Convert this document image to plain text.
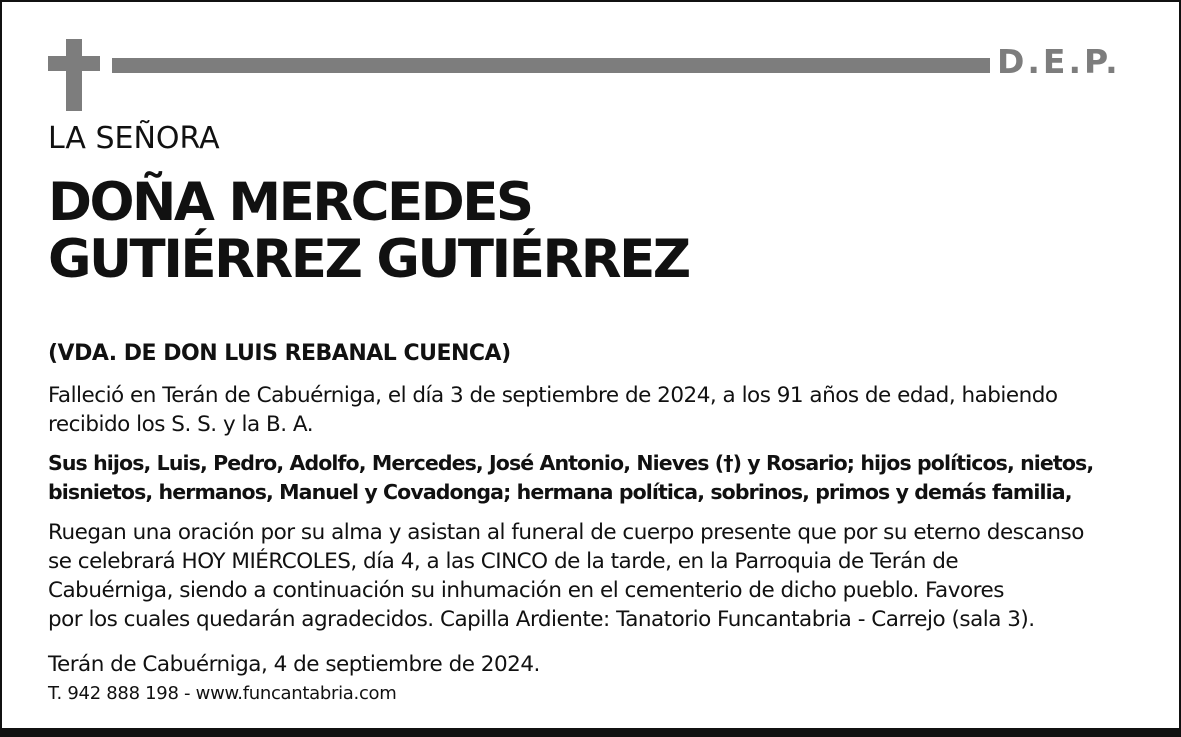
D.E.P.
LA SEÑORA
DOÑA MERCEDES
GUTIÉRREZ GUTIÉRREZ
(VDA. DE DON LUIS REBANAL CUENCA)
Falleció en Terán de Cabuérniga, el día 3 de septiembre de 2024, a los 91 años de edad, habiendo
recibido los S. S. y la B. A.
Sus hijos, Luis, Pedro, Adolfo, Mercedes, José Antonio, Nieves (†) y Rosario; hijos políticos, nietos,
bisnietos, hermanos, Manuel y Covadonga; hermana política, sobrinos, primos y demás familia,
Ruegan una oración por su alma y asistan al funeral de cuerpo presente que por su eterno descanso
se celebrará HOY MIÉRCOLES, día 4, a las CINCO de la tarde, en la Parroquia de Terán de
Cabuérniga, siendo a continuación su inhumación en el cementerio de dicho pueblo. Favores
por los cuales quedarán agradecidos. Capilla Ardiente: Tanatorio Funcantabria - Carrejo (sala 3).
Terán de Cabuérniga, 4 de septiembre de 2024.
T. 942 888 198 - www.funcantabria.com
